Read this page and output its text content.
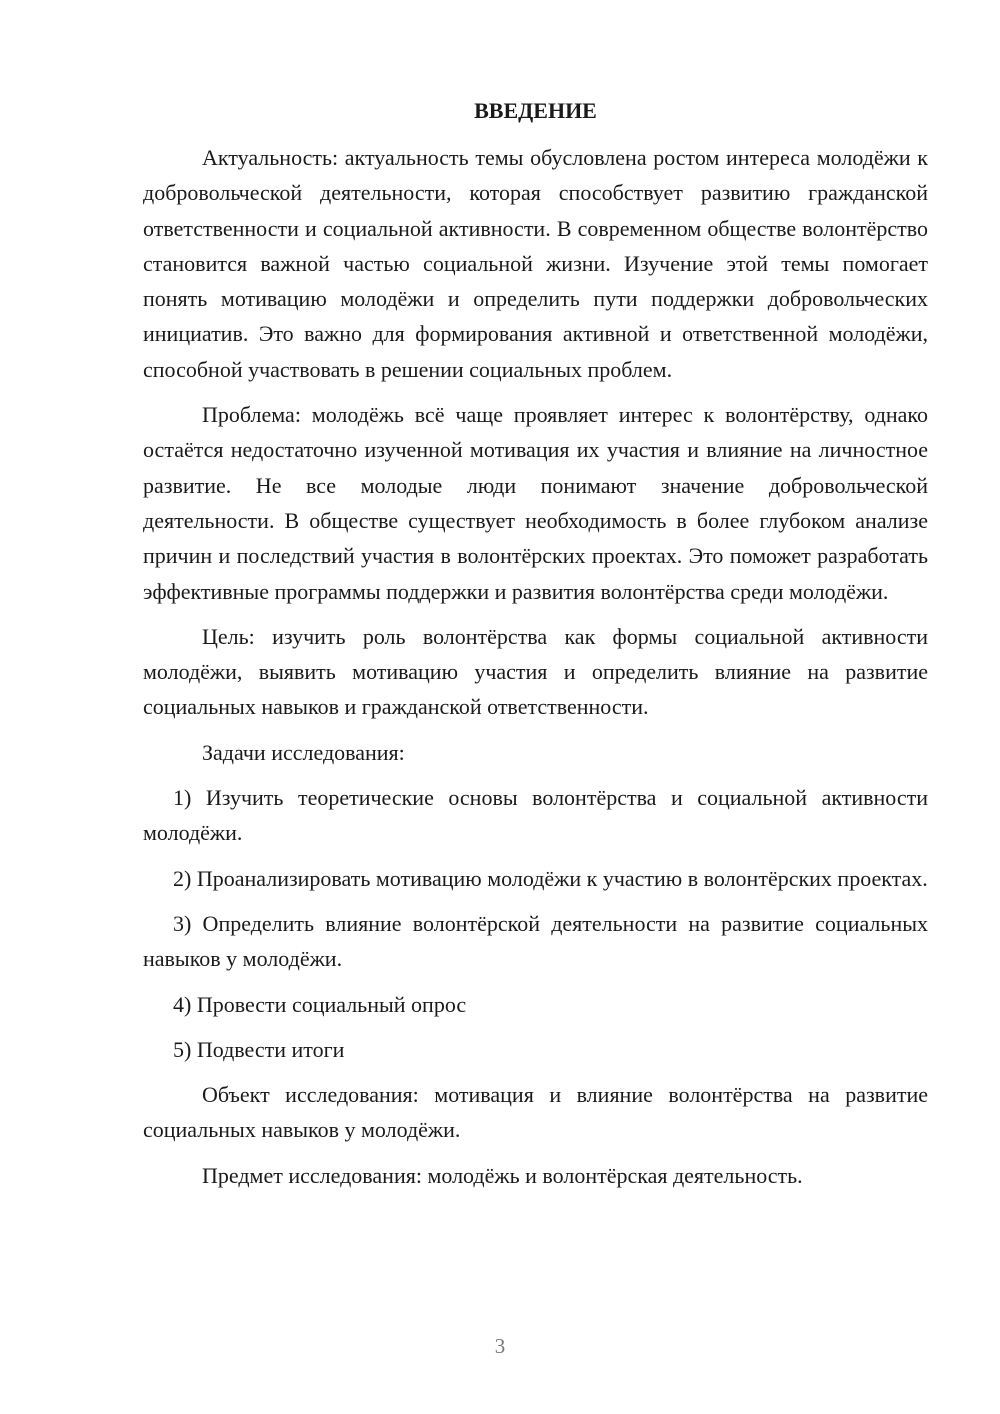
ВВЕДЕНИЕ

Актуальность: актуальность темы обусловлена ростом интереса молодёжи к добровольческой деятельности, которая способствует развитию гражданской ответственности и социальной активности. В современном обществе волонтёрство становится важной частью социальной жизни. Изучение этой темы помогает понять мотивацию молодёжи и определить пути поддержки добровольческих инициатив. Это важно для формирования активной и ответственной молодёжи, способной участвовать в решении социальных проблем.

Проблема: молодёжь всё чаще проявляет интерес к волонтёрству, однако остаётся недостаточно изученной мотивация их участия и влияние на личностное развитие. Не все молодые люди понимают значение добровольческой деятельности. В обществе существует необходимость в более глубоком анализе причин и последствий участия в волонтёрских проектах. Это поможет разработать эффективные программы поддержки и развития волонтёрства среди молодёжи.

Цель: изучить роль волонтёрства как формы социальной активности молодёжи, выявить мотивацию участия и определить влияние на развитие социальных навыков и гражданской ответственности.

Задачи исследования:

1) Изучить теоретические основы волонтёрства и социальной активности молодёжи.

2) Проанализировать мотивацию молодёжи к участию в волонтёрских проектах.

3) Определить влияние волонтёрской деятельности на развитие социальных навыков у молодёжи.

4) Провести социальный опрос

5) Подвести итоги

Объект исследования: мотивация и влияние волонтёрства на развитие социальных навыков у молодёжи.

Предмет исследования: молодёжь и волонтёрская деятельность.

3
